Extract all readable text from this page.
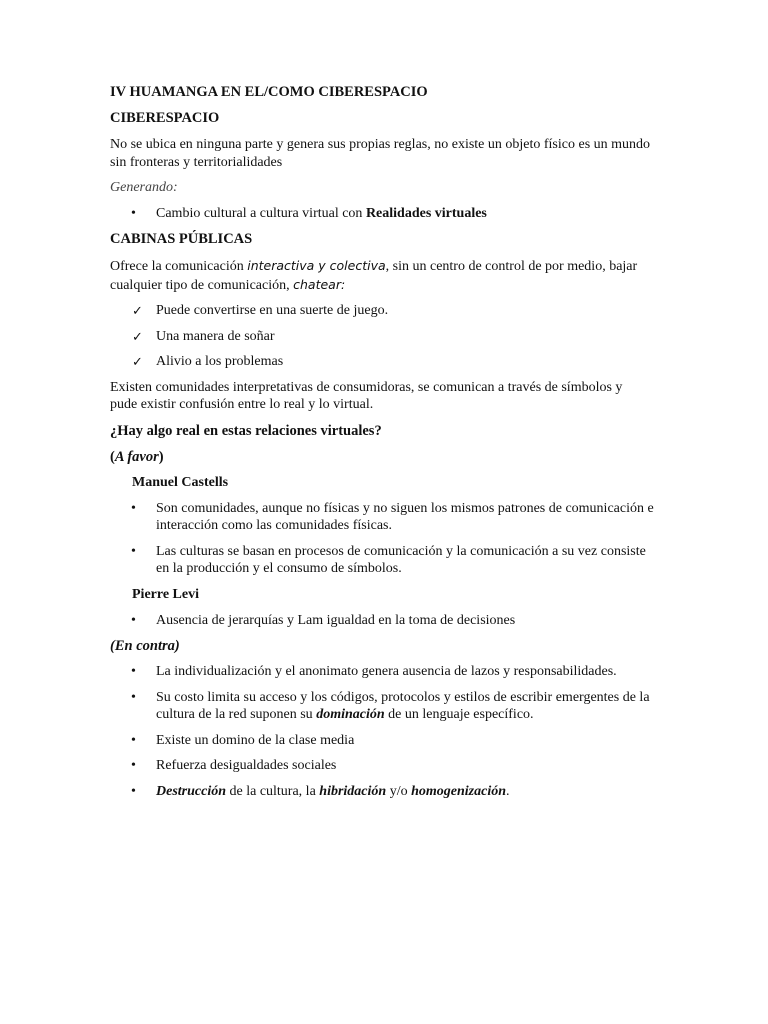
IV HUAMANGA EN EL/COMO CIBERESPACIO
CIBERESPACIO
No se ubica en ninguna parte y genera sus propias reglas, no existe un objeto físico es un mundo sin fronteras y territorialidades
Generando:
•	Cambio cultural a cultura virtual con Realidades virtuales
CABINAS PÚBLICAS
Ofrece la comunicación interactiva y colectiva, sin un centro de control de por medio, bajar cualquier tipo de comunicación, chatear:
✓ Puede convertirse en una suerte de juego.
✓ Una manera de soñar
✓ Alivio a los problemas
Existen comunidades interpretativas de consumidoras, se comunican a través de símbolos y pude existir confusión entre lo real y lo virtual.
¿Hay algo real en estas relaciones virtuales?
(A favor)
Manuel Castells
•	Son comunidades, aunque no físicas y no siguen los mismos patrones de comunicación e interacción como las comunidades físicas.
•	Las culturas se basan en procesos de comunicación y la comunicación a su vez consiste en la producción y el consumo de símbolos.
Pierre Levi
•	Ausencia de jerarquías y Lam igualdad en la toma de decisiones
(En contra)
•	La individualización y el anonimato genera ausencia de lazos y responsabilidades.
•	Su costo limita su acceso y los códigos, protocolos y estilos de escribir emergentes de la cultura de la red suponen su dominación de un lenguaje específico.
•	Existe un domino de la clase media
•	Refuerza desigualdades sociales
•	Destrucción de la cultura, la hibridación y/o homogenización.
